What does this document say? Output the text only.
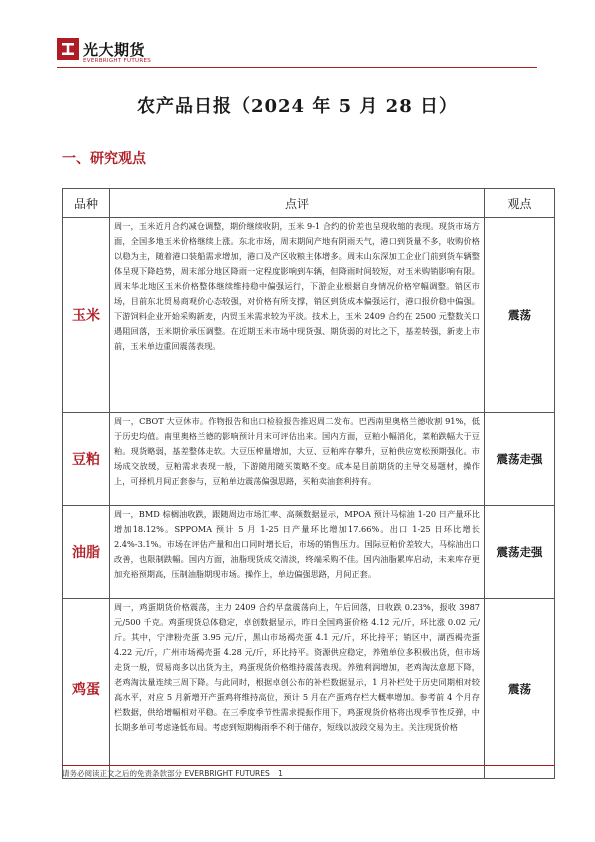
光大期货
EVERBRIGHT FUTURES
农产品日报（2024 年 5 月 28 日）
一、研究观点
品种	点评	观点
玉米	周一，玉米近月合约减仓调整，期价继续收阴，玉米 9-1 合约的价差也呈现收缩的表现。现货市场方面，全国多地玉米价格继续上涨。东北市场，周末期间产地有阴雨天气，港口到货量不多，收购价格以稳为主，随着港口装船需求增加，港口及产区收粮主体增多。周末山东深加工企业门前到货车辆整体呈现下降趋势，周末部分地区降雨一定程度影响到车辆，但降雨时间较短，对玉米购销影响有限。周末华北地区玉米价格整体继续维持稳中偏强运行，下游企业根据自身情况价格窄幅调整。销区市场，目前东北贸易商观价心态较强，对价格有所支撑，销区到货成本偏强运行，港口报价稳中偏强。下游饲料企业开始采购新麦，内贸玉米需求较为平淡。技术上，玉米 2409 合约在 2500 元整数关口遇阻回落，玉米期价承压调整。在近期玉米市场中现货强、期货弱的对比之下，基差转强，新麦上市前，玉米单边重回震荡表现。	震荡
豆粕	周一，CBOT 大豆休市。作物报告和出口检验报告推迟周二发布。巴西南里奥格兰德收割 91%，低于历史均值。南里奥格兰德的影响预计月末可评估出来。国内方面，豆粕小幅消化，菜粕跌幅大于豆粕。现货略弱，基差整体走软。大豆压榨量增加，大豆、豆粕库存攀升，豆粕供应宽松预期强化。市场成交放缓，豆粕需求表现一般，下游随用随买策略不变。成本是目前期货的主导交易题材，操作上，可择机月间正套参与，豆粕单边震荡偏强思路，买粕卖油套利持有。	震荡走强
油脂	周一，BMD 棕榈油收跌，跟随周边市场汇率、高频数据显示，MPOA 预计马棕油 1-20 日产量环比增加18.12%。SPPOMA 预计 5 月 1-25 日产量环比增加17.66%。出口 1-25 日环比增长 2.4%-3.1%。市场在评估产量和出口同时增长后，市场的销售压力。国际豆粕价差较大，马棕油出口改善，也限制跌幅。国内方面，油脂现货成交清淡，终端采购不佳。国内油脂累库启动，未来库存更加充裕预期高，压制油脂期现市场。操作上，单边偏强思路，月间正套。	震荡走强
鸡蛋	周一，鸡蛋期货价格震荡，主力 2409 合约早盘震荡向上，午后回落，日收跌 0.23%，报收 3987 元/500 千克。鸡蛋现货总体稳定，卓创数据显示，昨日全国鸡蛋价格 4.12 元/斤，环比涨 0.02 元/斤。其中，宁津粉壳蛋 3.95 元/斤，黑山市场褐壳蛋 4.1 元/斤，环比持平；销区中，湖西褐壳蛋 4.22 元/斤，广州市场褐壳蛋 4.28 元/斤，环比持平。资源供应稳定，养殖单位多积极出货，但市场走货一般，贸易商多以出货为主，鸡蛋现货价格维持震荡表现。养殖利润增加，老鸡淘汰意愿下降，老鸡淘汰量连续三周下降。与此同时，根据卓创公布的补栏数据显示，1 月补栏处于历史同期相对较高水平，对应 5 月新增开产蛋鸡将维持高位，预计 5 月在产蛋鸡存栏大概率增加。参考前 4 个月存栏数据，供给增幅相对平稳。在三季度季节性需求提振作用下，鸡蛋现货价格将出现季节性反弹，中长期多单可考虑逢低布局。考虑到短期梅雨季不利于储存，短线以波段交易为主。关注现货价格	震荡
请务必阅读正文之后的免责条款部分 EVERBRIGHT FUTURES 1
